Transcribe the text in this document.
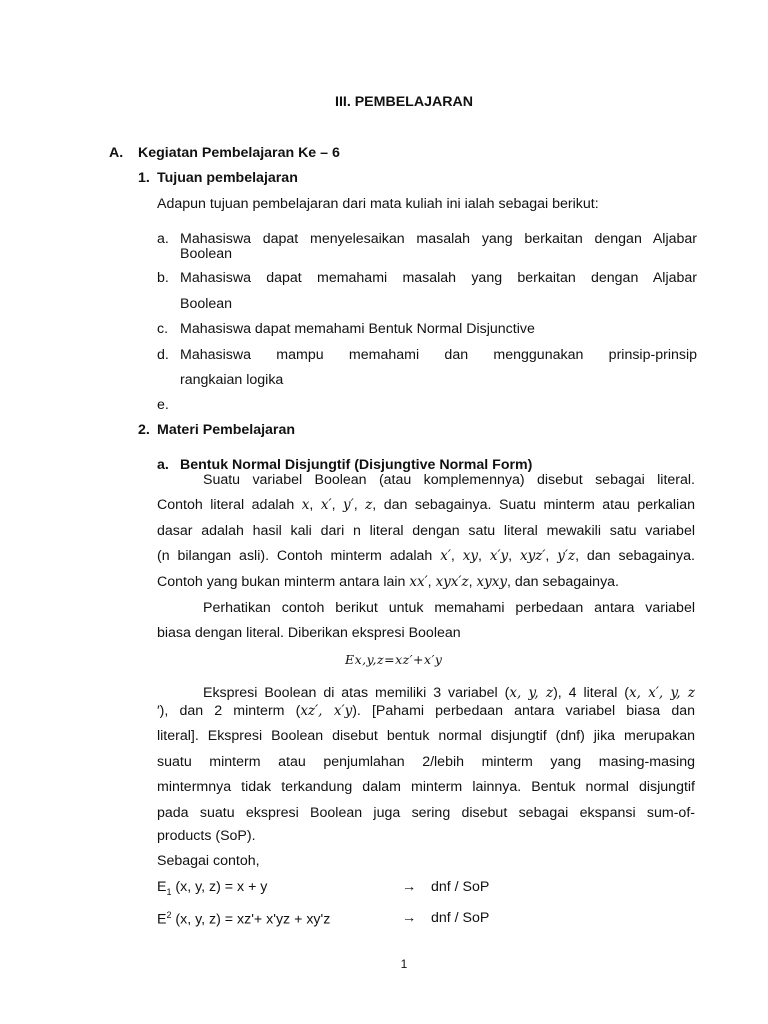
III. PEMBELAJARAN
A. Kegiatan Pembelajaran Ke – 6
1. Tujuan pembelajaran
Adapun tujuan pembelajaran dari mata kuliah ini ialah sebagai berikut:
a. Mahasiswa dapat menyelesaikan masalah yang berkaitan dengan Aljabar
Boolean
b. Mahasiswa dapat memahami masalah yang berkaitan dengan Aljabar
Boolean
c. Mahasiswa dapat memahami Bentuk Normal Disjunctive
d. Mahasiswa mampu memahami dan menggunakan prinsip-prinsip
rangkaian logika
e.
2. Materi Pembelajaran
a. Bentuk Normal Disjungtif (Disjungtive Normal Form)
Suatu variabel Boolean (atau komplemennya) disebut sebagai literal.
Contoh literal adalah x, x′, y′, z, dan sebagainya. Suatu minterm atau perkalian
dasar adalah hasil kali dari n literal dengan satu literal mewakili satu variabel
(n bilangan asli). Contoh minterm adalah x′, xy, x′y, xyz′, y′z, dan sebagainya.
Contoh yang bukan minterm antara lain xx′, xyx′z, xyxy, dan sebagainya.
Perhatikan contoh berikut untuk memahami perbedaan antara variabel
biasa dengan literal. Diberikan ekspresi Boolean
Ex,y,z=xz′+x′y
Ekspresi Boolean di atas memiliki 3 variabel (x, y, z), 4 literal (x, x′, y, z
′), dan 2 minterm (xz′, x′y). [Pahami perbedaan antara variabel biasa dan
literal]. Ekspresi Boolean disebut bentuk normal disjungtif (dnf) jika merupakan
suatu minterm atau penjumlahan 2/lebih minterm yang masing-masing
mintermnya tidak terkandung dalam minterm lainnya. Bentuk normal disjungtif
pada suatu ekspresi Boolean juga sering disebut sebagai ekspansi sum-of-
products (SoP).
Sebagai contoh,
$E_1$ (x, y, z) = x + y	→ dnf / SoP
$E^2$ (x, y, z) = xz'+ x'yz + xy'z	→ dnf / SoP
1
